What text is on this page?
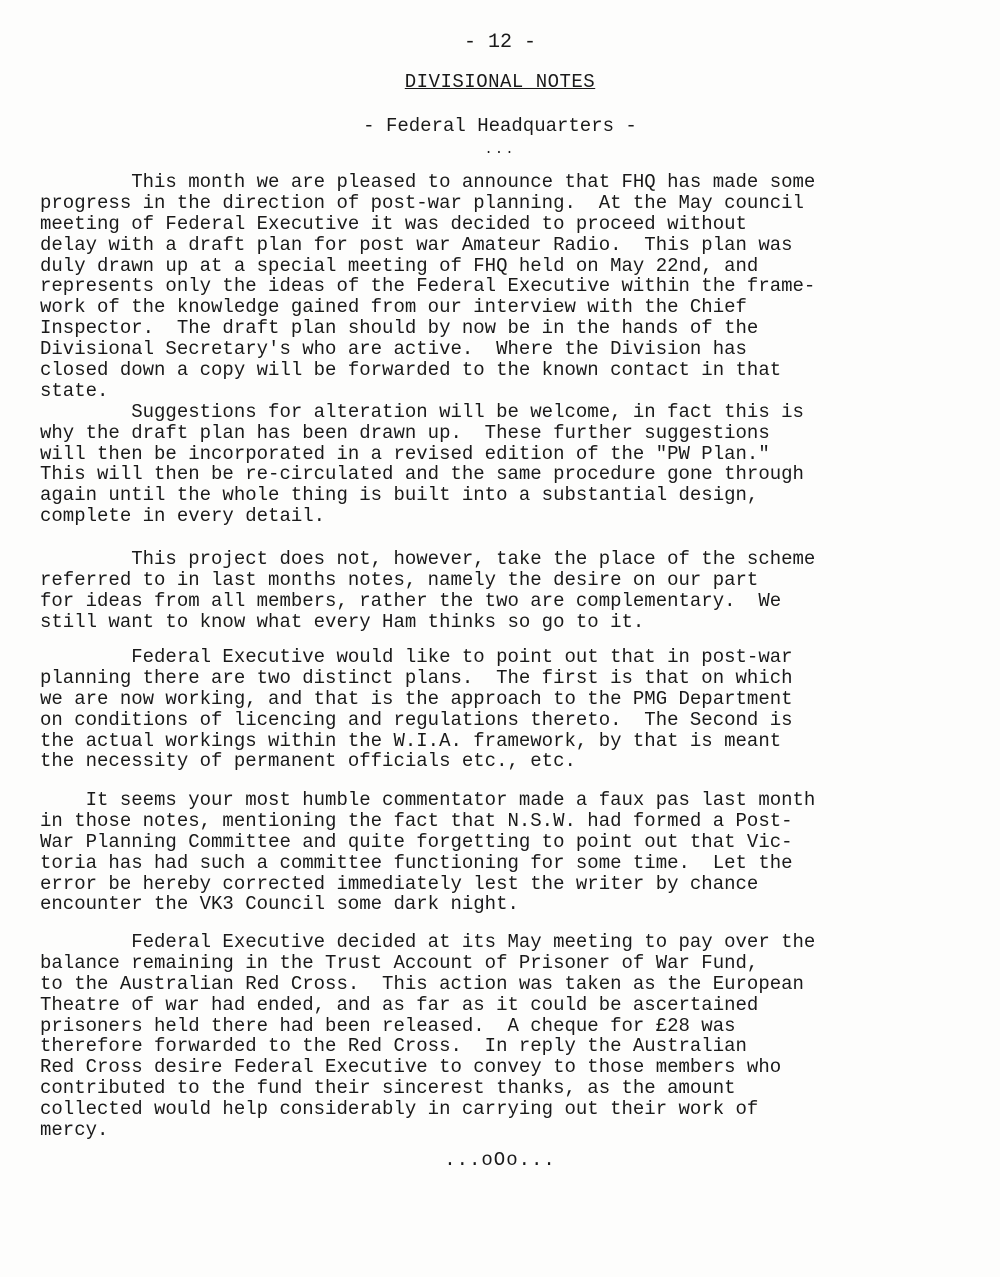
- 12 -
DIVISIONAL NOTES
- Federal Headquarters -
...
This month we are pleased to announce that FHQ has made some
progress in the direction of post-war planning.  At the May council
meeting of Federal Executive it was decided to proceed without
delay with a draft plan for post war Amateur Radio.  This plan was
duly drawn up at a special meeting of FHQ held on May 22nd, and
represents only the ideas of the Federal Executive within the frame-
work of the knowledge gained from our interview with the Chief
Inspector.  The draft plan should by now be in the hands of the
Divisional Secretary's who are active.  Where the Division has
closed down a copy will be forwarded to the known contact in that
state.
Suggestions for alteration will be welcome, in fact this is
why the draft plan has been drawn up.  These further suggestions
will then be incorporated in a revised edition of the "PW Plan."
This will then be re-circulated and the same procedure gone through
again until the whole thing is built into a substantial design,
complete in every detail.
This project does not, however, take the place of the scheme
referred to in last months notes, namely the desire on our part
for ideas from all members, rather the two are complementary.  We
still want to know what every Ham thinks so go to it.
Federal Executive would like to point out that in post-war
planning there are two distinct plans.  The first is that on which
we are now working, and that is the approach to the PMG Department
on conditions of licencing and regulations thereto.  The Second is
the actual workings within the W.I.A. framework, by that is meant
the necessity of permanent officials etc., etc.
It seems your most humble commentator made a faux pas last month
in those notes, mentioning the fact that N.S.W. had formed a Post-
War Planning Committee and quite forgetting to point out that Vic-
toria has had such a committee functioning for some time.  Let the
error be hereby corrected immediately lest the writer by chance
encounter the VK3 Council some dark night.
Federal Executive decided at its May meeting to pay over the
balance remaining in the Trust Account of Prisoner of War Fund,
to the Australian Red Cross.  This action was taken as the European
Theatre of war had ended, and as far as it could be ascertained
prisoners held there had been released.  A cheque for £28 was
therefore forwarded to the Red Cross.  In reply the Australian
Red Cross desire Federal Executive to convey to those members who
contributed to the fund their sincerest thanks, as the amount
collected would help considerably in carrying out their work of
mercy.
...oOo...
